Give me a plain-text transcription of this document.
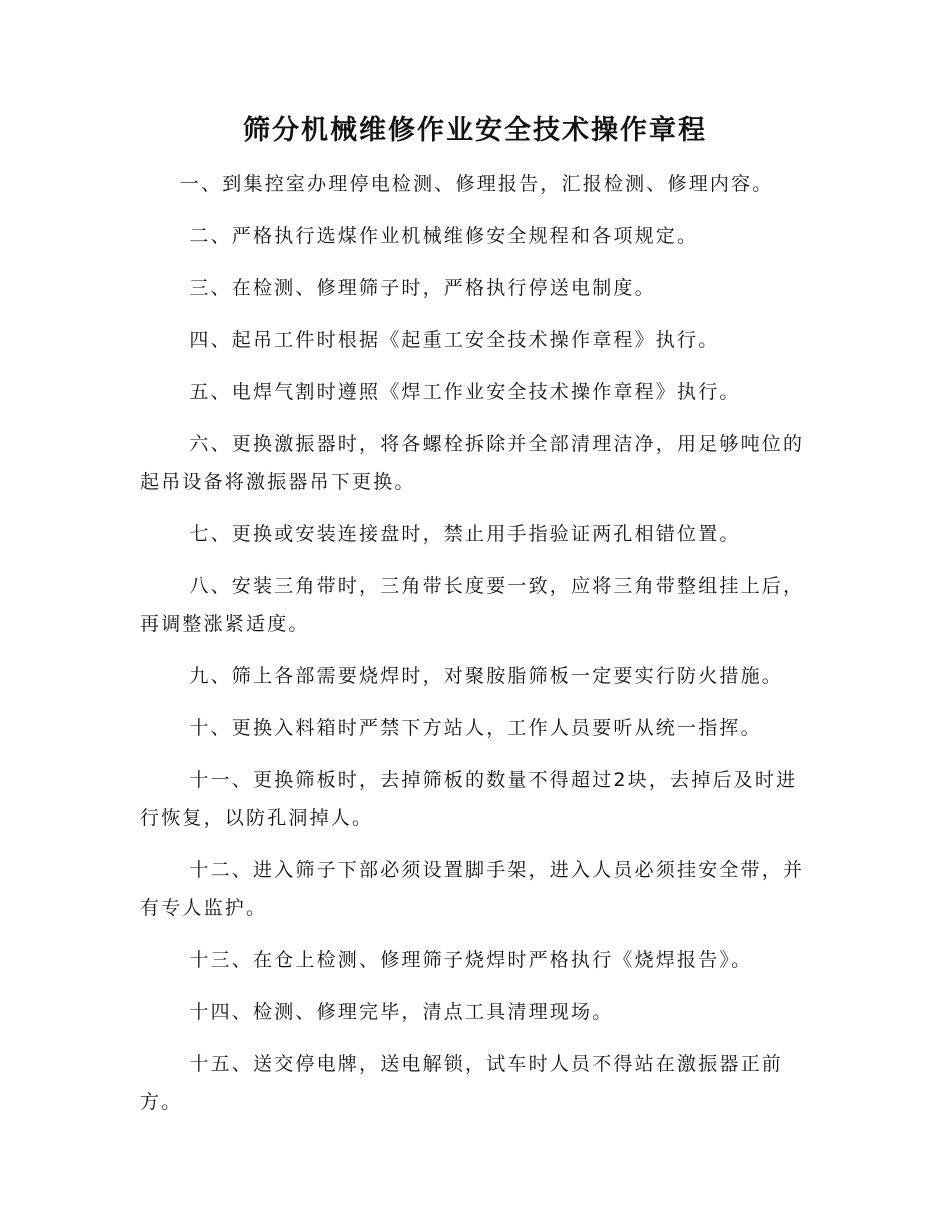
筛分机械维修作业安全技术操作章程

一、到集控室办理停电检测、修理报告，汇报检测、修理内容。

二、严格执行选煤作业机械维修安全规程和各项规定。

三、在检测、修理筛子时，严格执行停送电制度。

四、起吊工件时根据《起重工安全技术操作章程》执行。

五、电焊气割时遵照《焊工作业安全技术操作章程》执行。

六、更换激振器时，将各螺栓拆除并全部清理洁净，用足够吨位的起吊设备将激振器吊下更换。

七、更换或安装连接盘时，禁止用手指验证两孔相错位置。

八、安装三角带时，三角带长度要一致，应将三角带整组挂上后，再调整涨紧适度。

九、筛上各部需要烧焊时，对聚胺脂筛板一定要实行防火措施。

十、更换入料箱时严禁下方站人，工作人员要听从统一指挥。

十一、更换筛板时，去掉筛板的数量不得超过2块，去掉后及时进行恢复，以防孔洞掉人。

十二、进入筛子下部必须设置脚手架，进入人员必须挂安全带，并有专人监护。

十三、在仓上检测、修理筛子烧焊时严格执行《烧焊报告》。

十四、检测、修理完毕，清点工具清理现场。

十五、送交停电牌，送电解锁，试车时人员不得站在激振器正前方。
